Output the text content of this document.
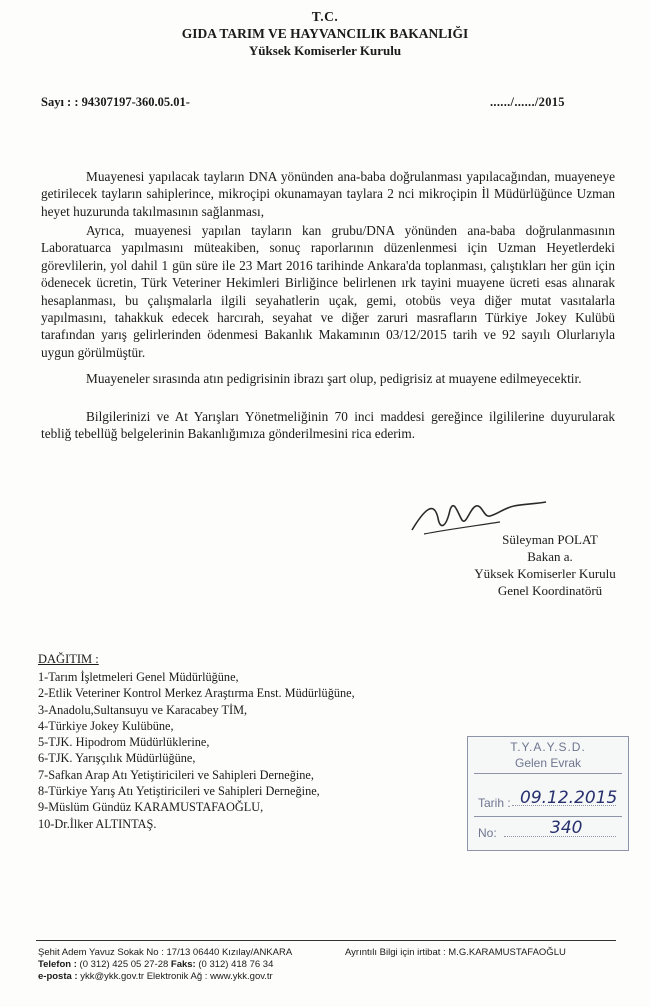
T.C.
GIDA TARIM VE HAYVANCILIK BAKANLIĞI
Yüksek Komiserler Kurulu
Sayı : : 94307197-360.05.01-	....../....../2015

Muayenesi yapılacak tayların DNA yönünden ana-baba doğrulanması yapılacağından, muayeneye getirilecek tayların sahiplerince, mikroçipi okunamayan taylara 2 nci mikroçipin İl Müdürlüğünce Uzman heyet huzurunda takılmasının sağlanması,

Ayrıca, muayenesi yapılan tayların kan grubu/DNA yönünden ana-baba doğrulanmasının Laboratuarca yapılmasını müteakiben, sonuç raporlarının düzenlenmesi için Uzman Heyetlerdeki görevlilerin, yol dahil 1 gün süre ile 23 Mart 2016 tarihinde Ankara'da toplanması, çalıştıkları her gün için ödenecek ücretin, Türk Veteriner Hekimleri Birliğince belirlenen ırk tayini muayene ücreti esas alınarak hesaplanması, bu çalışmalarla ilgili seyahatlerin uçak, gemi, otobüs veya diğer mutat vasıtalarla yapılmasını, tahakkuk edecek harcırah, seyahat ve diğer zaruri masrafların Türkiye Jokey Kulübü tarafından yarış gelirlerinden ödenmesi Bakanlık Makamının 03/12/2015 tarih ve 92 sayılı Olurlarıyla uygun görülmüştür.

Muayeneler sırasında atın pedigrisinin ibrazı şart olup, pedigrisiz at muayene edilmeyecektir.

Bilgilerinizi ve At Yarışları Yönetmeliğinin 70 inci maddesi gereğince ilgililerine duyurularak tebliğ tebellüğ belgelerinin Bakanlığımıza gönderilmesini rica ederim.

Süleyman POLAT
Bakan a.
Yüksek Komiserler Kurulu
Genel Koordinatörü
DAĞITIM :
1-Tarım İşletmeleri Genel Müdürlüğüne,
2-Etlik Veteriner Kontrol Merkez Araştırma Enst. Müdürlüğüne,
3-Anadolu,Sultansuyu ve Karacabey TİM,
4-Türkiye Jokey Kulübüne,
5-TJK. Hipodrom Müdürlüklerine,
6-TJK. Yarışçılık Müdürlüğüne,
7-Safkan Arap Atı Yetiştiricileri ve Sahipleri Derneğine,
8-Türkiye Yarış Atı Yetiştiricileri ve Sahipleri Derneğine,
9-Müslüm Gündüz KARAMUSTAFAOĞLU,
10-Dr.İlker ALTINTAŞ.
T.Y.A.Y.S.D.
Gelen Evrak
Tarih : 09.12.2015
No:	340
Şehit Adem Yavuz Sokak No : 17/13 06440 Kızılay/ANKARA
Telefon : (0 312) 425 05 27-28 Faks: (0 312) 418 76 34
e-posta : ykk@ykk.gov.tr Elektronik Ağ : www.ykk.gov.tr
Ayrıntılı Bilgi için irtibat : M.G.KARAMUSTAFAOĞLU
